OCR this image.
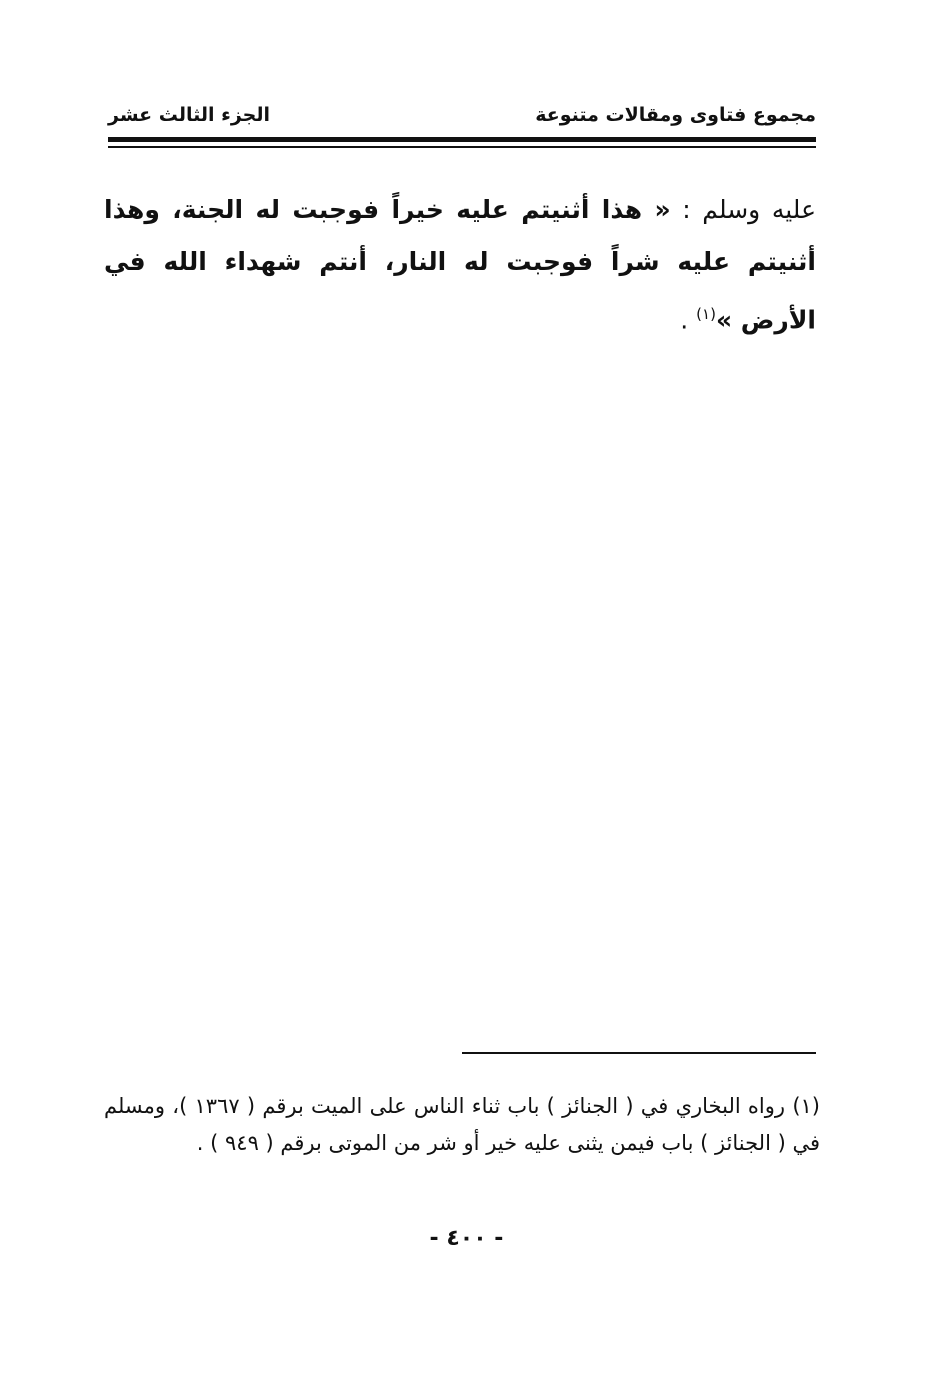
مجموع فتاوى ومقالات متنوعة
الجزء الثالث عشر
عليه وسلم : « هذا أثنيتم عليه خيراً فوجبت له الجنة، وهذا أثنيتم عليه شراً فوجبت له النار، أنتم شهداء الله في الأرض »$^{(١)}$ .
(١) رواه البخاري في ( الجنائز ) باب ثناء الناس على الميت برقم ( ١٣٦٧ )، ومسلم في ( الجنائز ) باب فيمن يثنى عليه خير أو شر من الموتى برقم ( ٩٤٩ ) .
- ٤٠٠ -
